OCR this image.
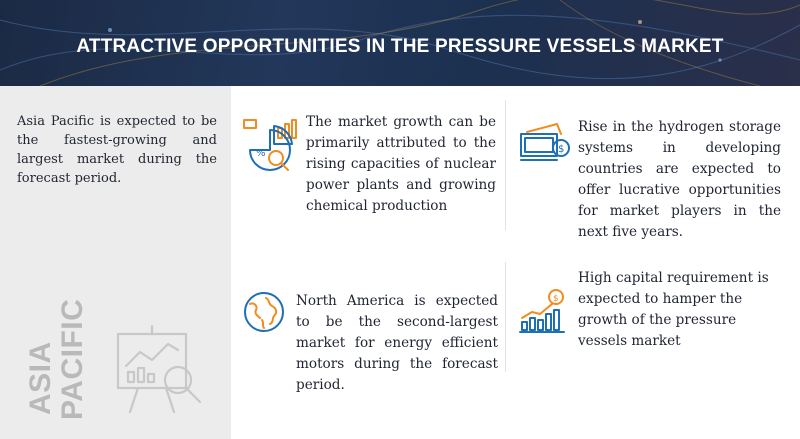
ATTRACTIVE OPPORTUNITIES IN THE PRESSURE VESSELS MARKET
Asia Pacific is expected to be the fastest-growing and largest market during the forecast period.
ASIA PACIFIC
%
The market growth can be primarily attributed to the rising capacities of nuclear power plants and growing chemical production
$
Rise in the hydrogen storage systems in developing countries are expected to offer lucrative opportunities for market players in the next five years.
North America is expected to be the second-largest market for energy efficient motors during the forecast period.
$
High capital requirement is expected to hamper the growth of the pressure vessels market
